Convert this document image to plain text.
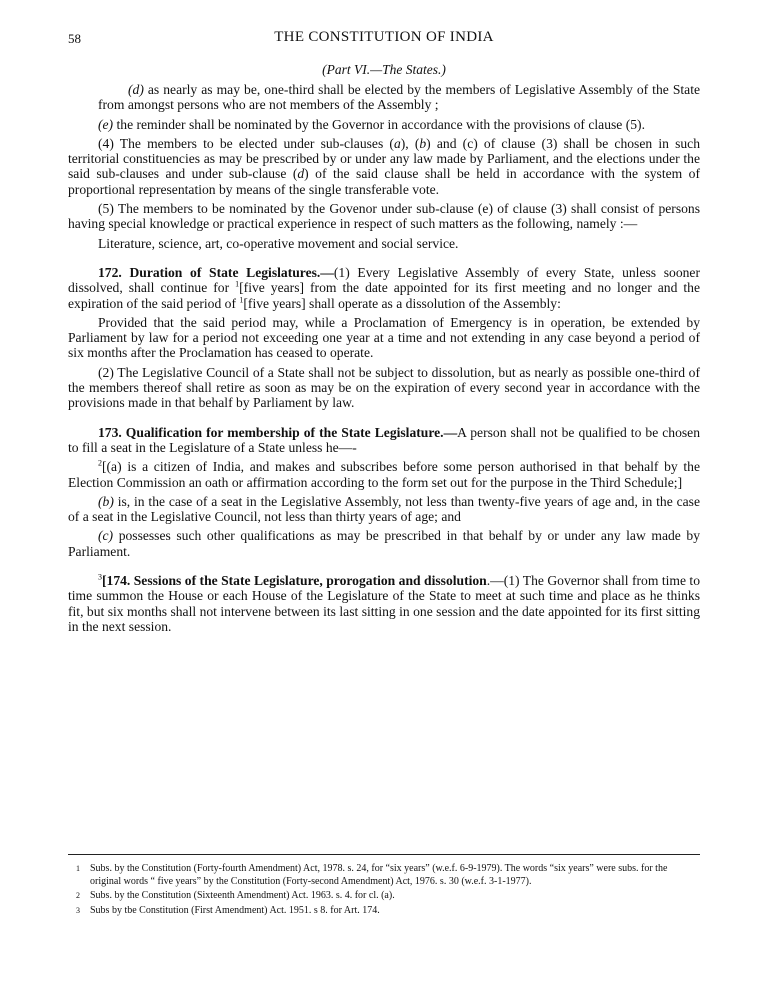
58	THE CONSTITUTION OF INDIA
(Part VI.—The States.)

(d) as nearly as may be, one-third shall be elected by the members of Legislative Assembly of the State from amongst persons who are not members of the Assembly ;

(e) the reminder shall be nominated by the Governor in accordance with the provisions of clause (5).

(4) The members to be elected under sub-clauses (a), (b) and (c) of clause (3) shall be chosen in such territorial constituencies as may be prescribed by or under any law made by Parliament, and the elections under the said sub-clauses and under sub-clause (d) of the said clause shall be held in accordance with the system of proportional representation by means of the single transferable vote.

(5) The members to be nominated by the Govenor under sub-clause (e) of clause (3) shall consist of persons having special knowledge or practical experience in respect of such matters as the following, namely :—

Literature, science, art, co-operative movement and social service.

172. Duration of State Legislatures.—(1) Every Legislative Assembly of every State, unless sooner dissolved, shall continue for $^1$[five years] from the date appointed for its first meeting and no longer and the expiration of the said period of $^1$[five years] shall operate as a dissolution of the Assembly:

Provided that the said period may, while a Proclamation of Emergency is in operation, be extended by Parliament by law for a period not exceeding one year at a time and not extending in any case beyond a period of six months after the Proclamation has ceased to operate.

(2) The Legislative Council of a State shall not be subject to dissolution, but as nearly as possible one-third of the members thereof shall retire as soon as may be on the expiration of every second year in accordance with the provisions made in that behalf by Parliament by law.

173. Qualification for membership of the State Legislature.—A person shall not be qualified to be chosen to fill a seat in the Legislature of a State unless he—-

$^2$[(a) is a citizen of India, and makes and subscribes before some person authorised in that behalf by the Election Commission an oath or affirmation according to the form set out for the purpose in the Third Schedule;]

(b) is, in the case of a seat in the Legislative Assembly, not less than twenty-five years of age and, in the case of a seat in the Legislative Council, not less than thirty years of age; and

(c) possesses such other qualifications as may be prescribed in that behalf by or under any law made by Parliament.

$^3$[174. Sessions of the State Legislature, prorogation and dissolution.—(1) The Governor shall from time to time summon the House or each House of the Legislature of the State to meet at such time and place as he thinks fit, but six months shall not intervene between its last sitting in one session and the date appointed for its first sitting in the next session.

1 Subs. by the Constitution (Forty-fourth Amendment) Act, 1978. s. 24, for “six years” (w.e.f. 6-9-1979). The words “six years” were subs. for the original words “ five years” by the Constitution (Forty-second Amendment) Act, 1976. s. 30 (w.e.f. 3-1-1977).
2 Subs. by the Constitution (Sixteenth Amendment) Act. 1963. s. 4. for cl. (a).
3 Subs by tbe Constitution (First Amendment) Act. 1951. s 8. for Art. 174.
